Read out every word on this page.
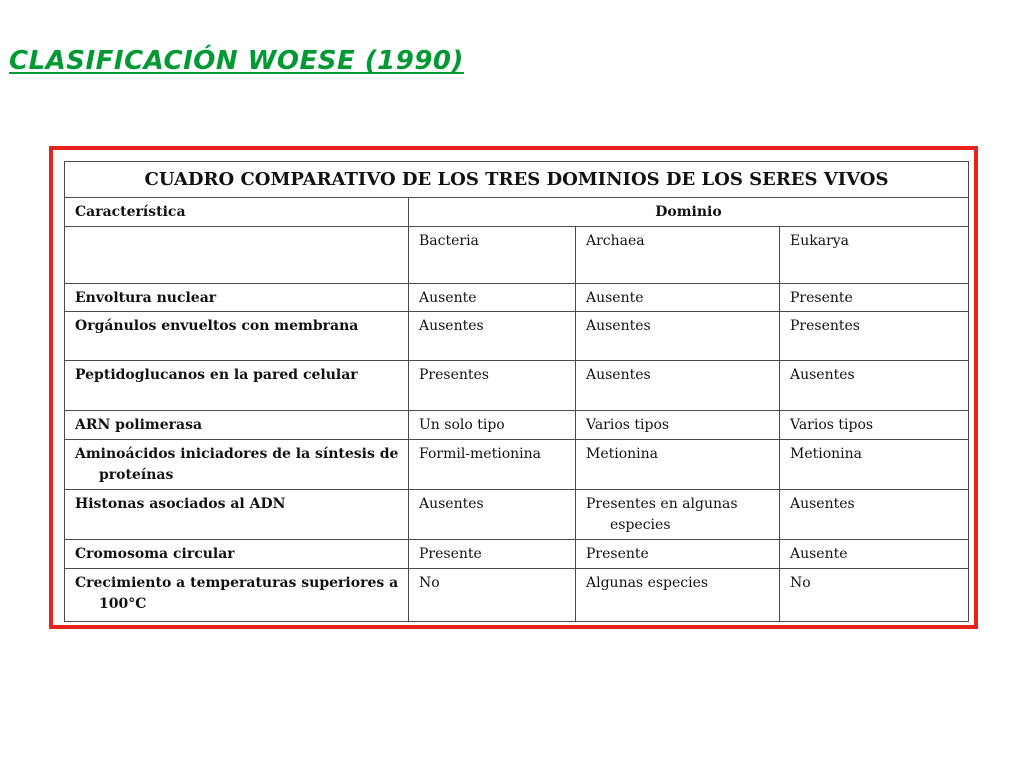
CLASIFICACIÓN WOESE (1990)
CUADRO COMPARATIVO DE LOS TRES DOMINIOS DE LOS SERES VIVOS			
Característica	Dominio		

	Bacteria	Archaea	Eukarya

Envoltura nuclear	Ausente	Ausente	Presente

Orgánulos envueltos con membrana	Ausentes	Ausentes	Presentes

Peptidoglucanos en la pared celular	Presentes	Ausentes	Ausentes

ARN polimerasa	Un solo tipo	Varios tipos	Varios tipos

Aminoácidos iniciadores de la síntesis de proteínas	Formil-metionina	Metionina	Metionina

Histonas asociados al ADN	Ausentes	Presentes en algunas especies	Ausentes

Cromosoma circular	Presente	Presente	Ausente

Crecimiento a temperaturas superiores a 100°C	No	Algunas especies	No
